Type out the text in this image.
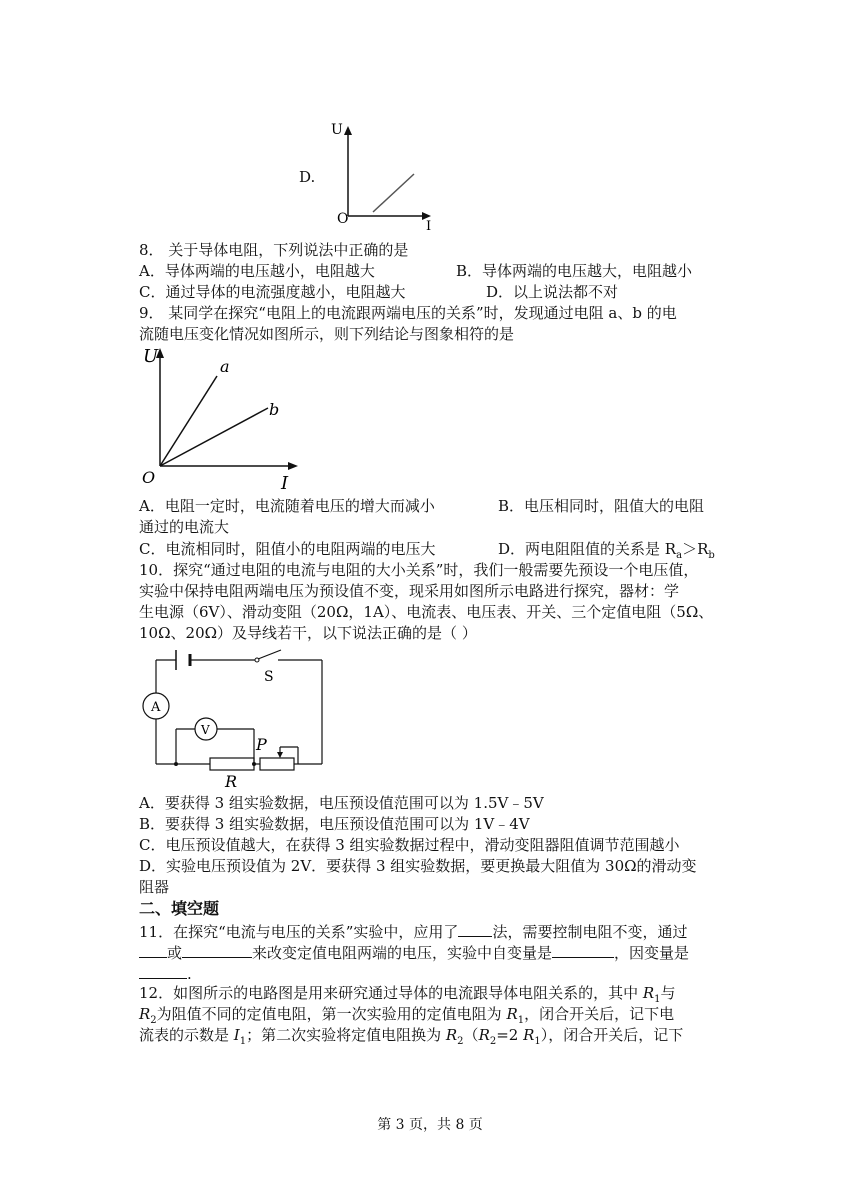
D.
U
I
O
8． 关于导体电阻，下列说法中正确的是
A．导体两端的电压越小，电阻越大	B．导体两端的电压越大，电阻越小
C．通过导体的电流强度越小，电阻越大	D．以上说法都不对
9． 某同学在探究“电阻上的电流跟两端电压的关系”时，发现通过电阻 a、b 的电
流随电压变化情况如图所示，则下列结论与图象相符的是
U
I
O
a
b
A．电阻一定时，电流随着电压的增大而减小	B．电压相同时，阻值大的电阻
通过的电流大
C．电流相同时，阻值小的电阻两端的电压大	D．两电阻阻值的关系是 $R_a>R_b$
10．探究“通过电阻的电流与电阻的大小关系”时，我们一般需要先预设一个电压值，
实验中保持电阻两端电压为预设值不变，现采用如图所示电路进行探究，器材：学
生电源（6V）、滑动变阻（20Ω，1A）、电流表、电压表、开关、三个定值电阻（5Ω、
10Ω、20Ω）及导线若干，以下说法正确的是（ ）
S
A
P
R
V
A．要获得 3 组实验数据，电压预设值范围可以为 1.5V﹣5V
B．要获得 3 组实验数据，电压预设值范围可以为 1V﹣4V
C．电压预设值越大，在获得 3 组实验数据过程中，滑动变阻器阻值调节范围越小
D．实验电压预设值为 2V．要获得 3 组实验数据，要更换最大阻值为 30Ω的滑动变
阻器
二、填空题
11．在探究“电流与电压的关系”实验中，应用了 法，需要控制电阻不变，通过
或	来改变定值电阻两端的电压，实验中自变量是	，因变量是
.
12．如图所示的电路图是用来研究通过导体的电流跟导体电阻关系的，其中 $R_1$与
$R_2$为阻值不同的定值电阻，第一次实验用的定值电阻为 $R_1$，闭合开关后，记下电
流表的示数是 $I_1$；第二次实验将定值电阻换为 $R_2(R_2=2$ $R_1$），闭合开关后，记下
第 3 页，共 8 页
